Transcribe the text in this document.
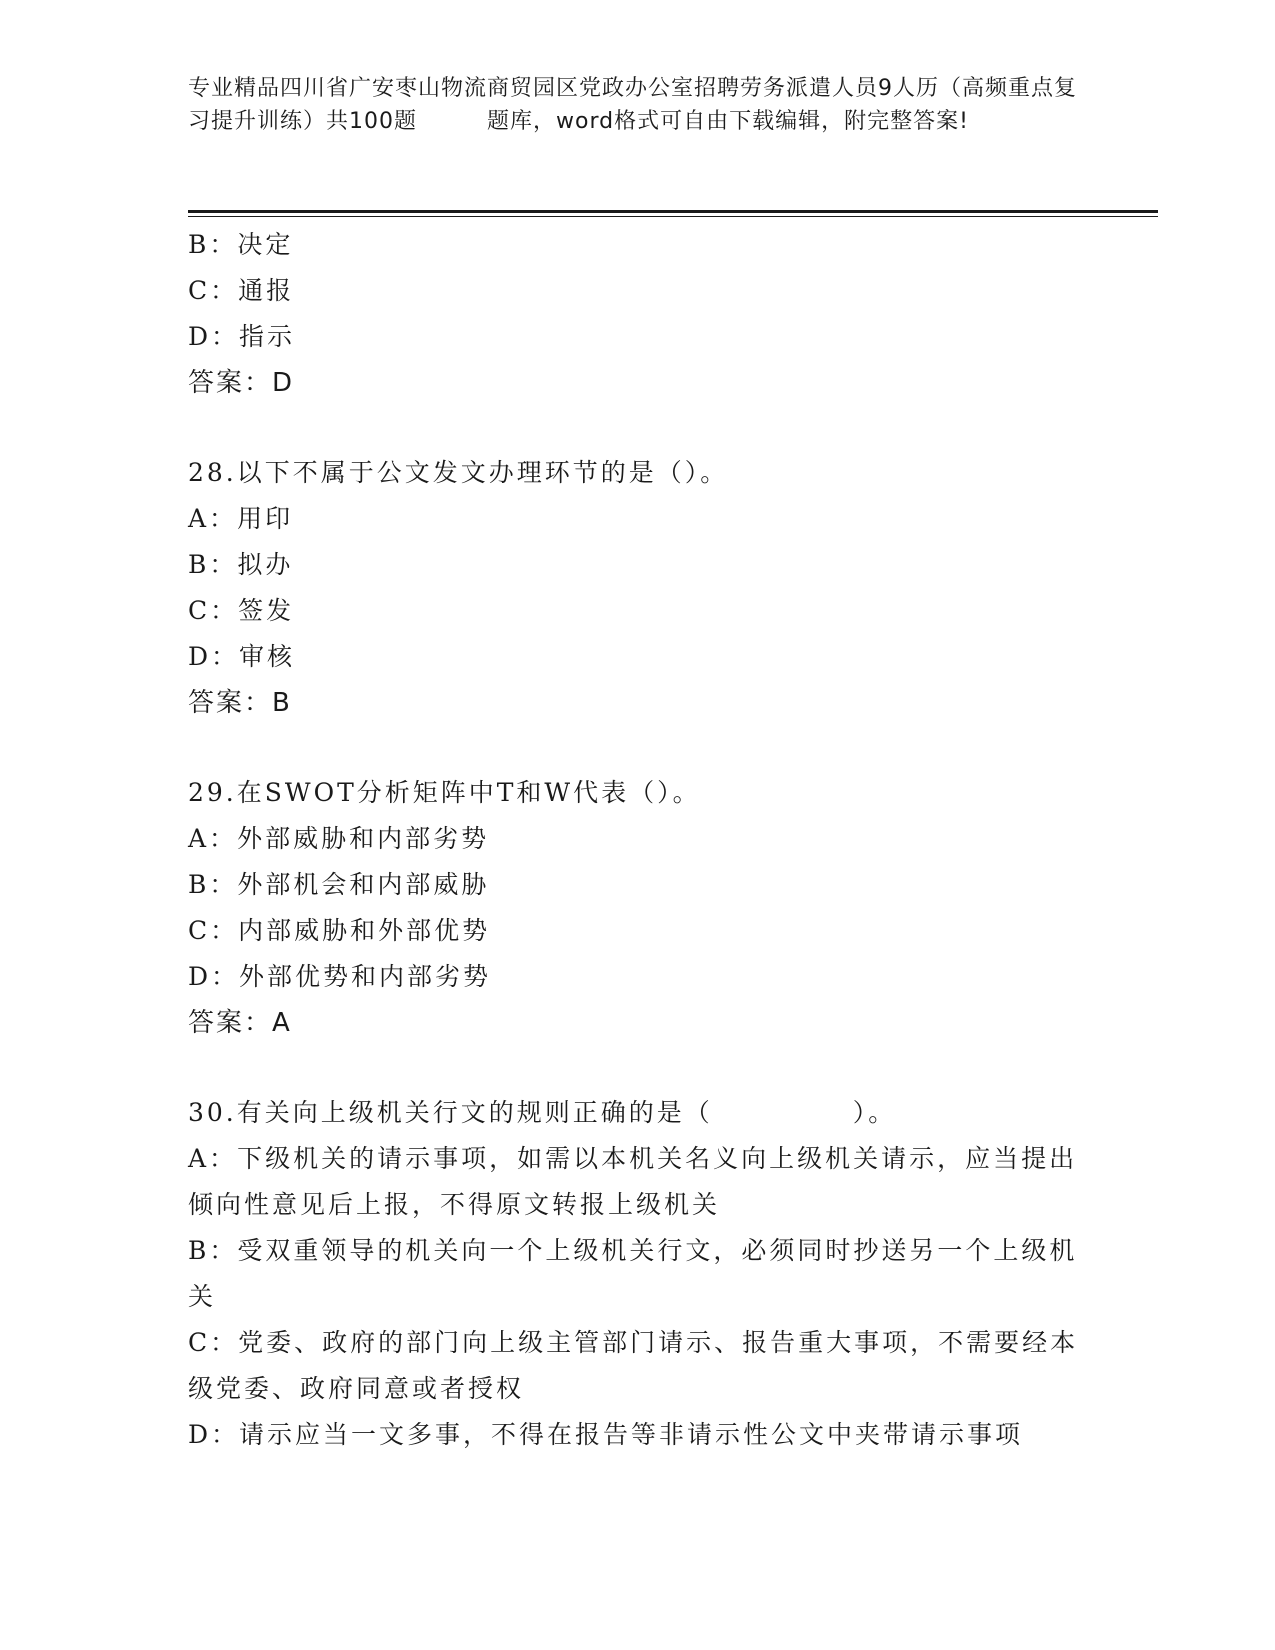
专业精品四川省广安枣山物流商贸园区党政办公室招聘劳务派遣人员9人历（高频重点复习提升训练）共100题	题库，word格式可自由下载编辑，附完整答案!
B：决定
C：通报
D：指示
答案：D
28.以下不属于公文发文办理环节的是（）。
A：用印
B：拟办
C：签发
D：审核
答案：B
29.在SWOT分析矩阵中T和W代表（）。
A：外部威胁和内部劣势
B：外部机会和内部威胁
C：内部威胁和外部优势
D：外部优势和内部劣势
答案：A
30.有关向上级机关行文的规则正确的是（　　　　　）。
A：下级机关的请示事项，如需以本机关名义向上级机关请示，应当提出倾向性意见后上报，不得原文转报上级机关
B：受双重领导的机关向一个上级机关行文，必须同时抄送另一个上级机关
C：党委、政府的部门向上级主管部门请示、报告重大事项，不需要经本级党委、政府同意或者授权
D：请示应当一文多事，不得在报告等非请示性公文中夹带请示事项
